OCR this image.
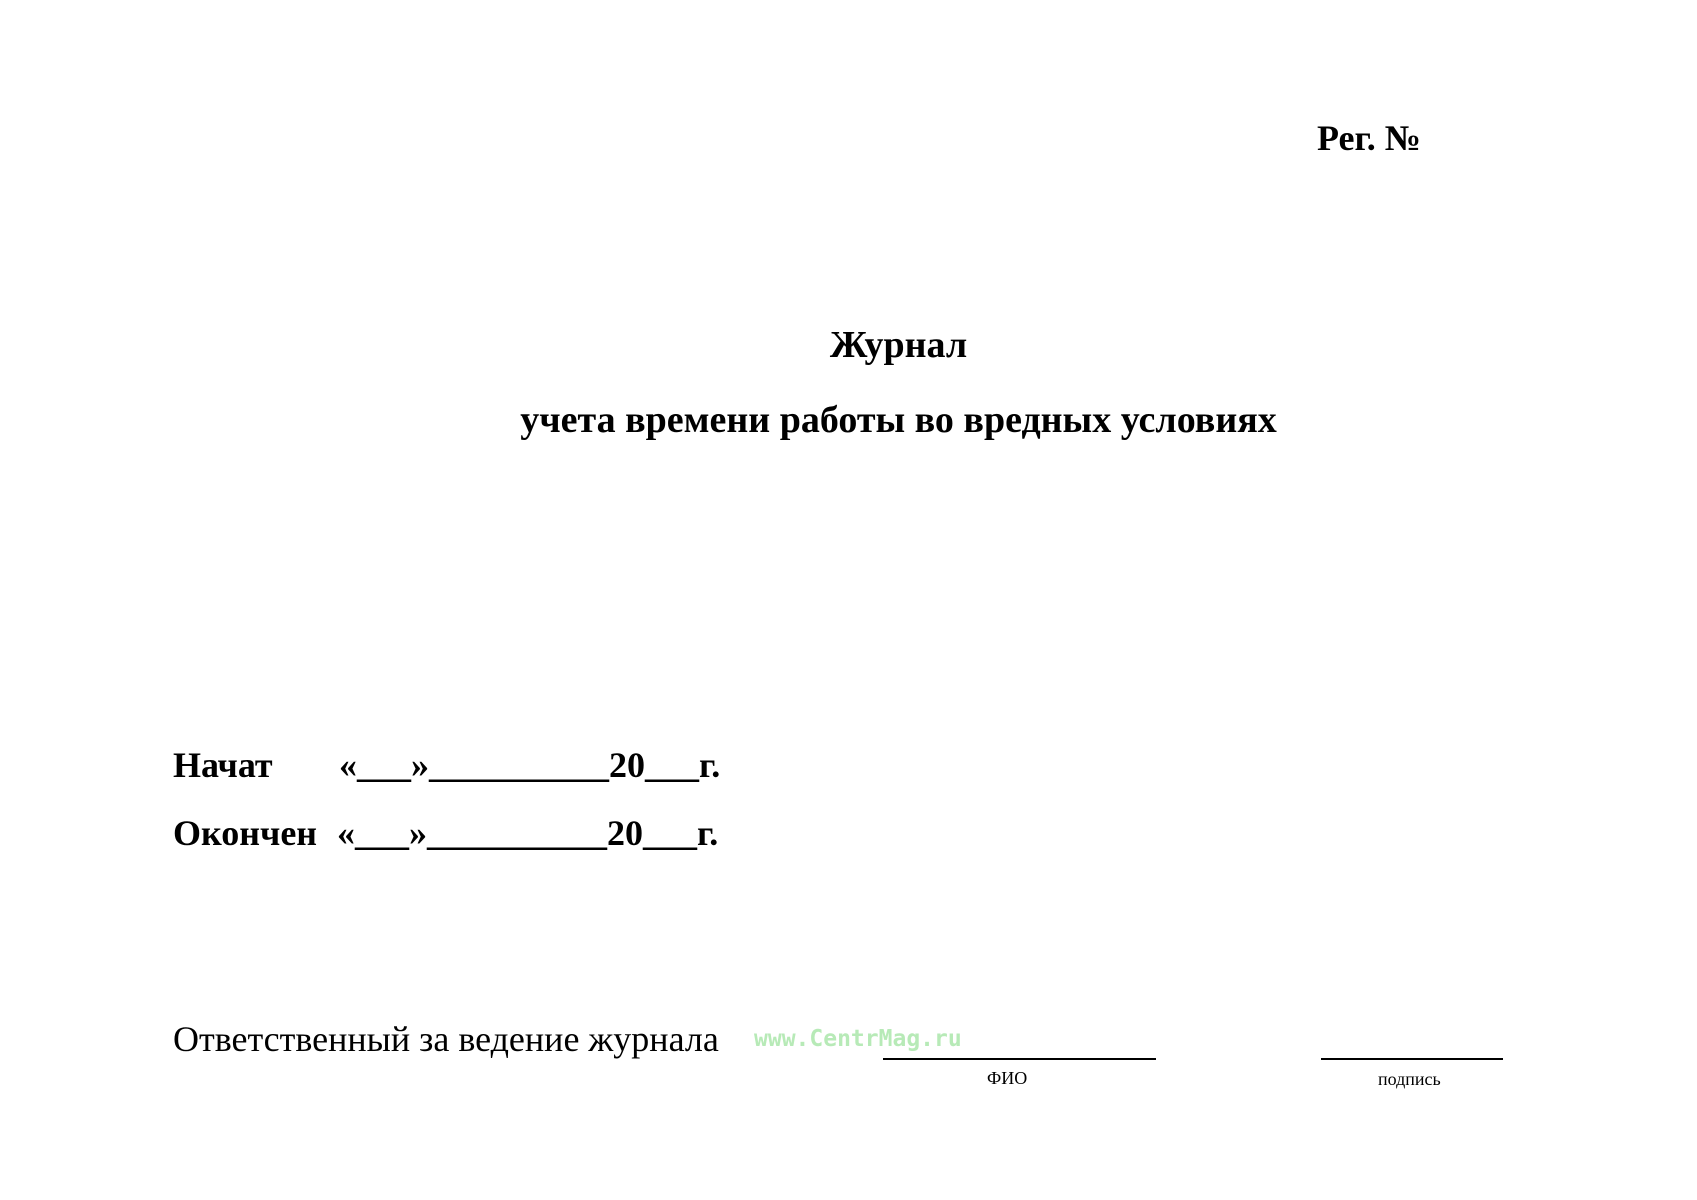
Рег. №
Журнал
учета времени работы во вредных условиях
Начат «___»__________20___г.
Окончен «___»__________20___г.
Ответственный за ведение журнала www.CentrMag.ru
ФИО	подпись
